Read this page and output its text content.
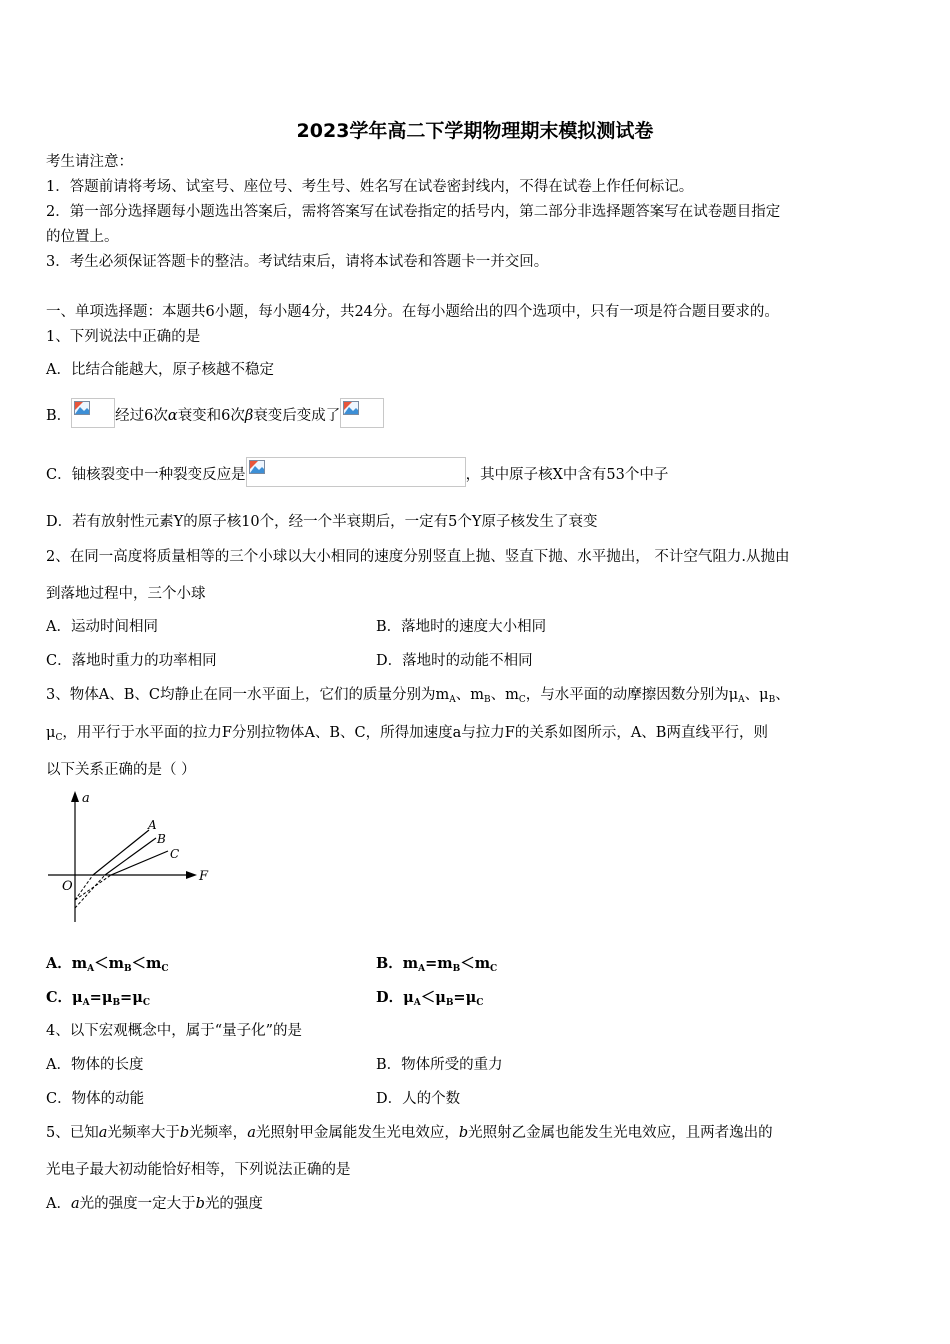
2023学年高二下学期物理期末模拟测试卷
考生请注意：
1．答题前请将考场、试室号、座位号、考生号、姓名写在试卷密封线内，不得在试卷上作任何标记。
2．第一部分选择题每小题选出答案后，需将答案写在试卷指定的括号内，第二部分非选择题答案写在试卷题目指定
的位置上。
3．考生必须保证答题卡的整洁。考试结束后，请将本试卷和答题卡一并交回。
一、单项选择题：本题共6小题，每小题4分，共24分。在每小题给出的四个选项中，只有一项是符合题目要求的。
1、下列说法中正确的是
A．比结合能越大，原子核越不稳定
B．	经过6次α衰变和6次β衰变后变成了
C．铀核裂变中一种裂变反应是	，其中原子核X中含有53个中子
D．若有放射性元素Y的原子核10个，经一个半衰期后，一定有5个Y原子核发生了衰变
2、在同一高度将质量相等的三个小球以大小相同的速度分别竖直上抛、竖直下抛、水平抛出， 不计空气阻力.从抛由
到落地过程中，三个小球
A．运动时间相同	B．落地时的速度大小相同
C．落地时重力的功率相同	D．落地时的动能不相同
3、物体A、B、C均静止在同一水平面上，它们的质量分别为$m_A$、$m_B$、$m_C$，与水平面的动摩擦因数分别为$\mu_A$、$\mu_B$、
$\mu_C$，用平行于水平面的拉力F分别拉物体A、B、C，所得加速度a与拉力F的关系如图所示，A、B两直线平行，则
以下关系正确的是（ ）
a
F
O
A
B
C
A．$m_A<m_B<m_C$	B．$m_A=m_B<m_C$
C．$\mu_A=\mu_B=\mu_C$	D．$\mu_A<\mu_B=\mu_C$
4、以下宏观概念中，属于“量子化”的是
A．物体的长度	B．物体所受的重力
C．物体的动能	D．人的个数
5、已知a光频率大于b光频率，a光照射甲金属能发生光电效应，b光照射乙金属也能发生光电效应，且两者逸出的
光电子最大初动能恰好相等，下列说法正确的是
A．a光的强度一定大于b光的强度
